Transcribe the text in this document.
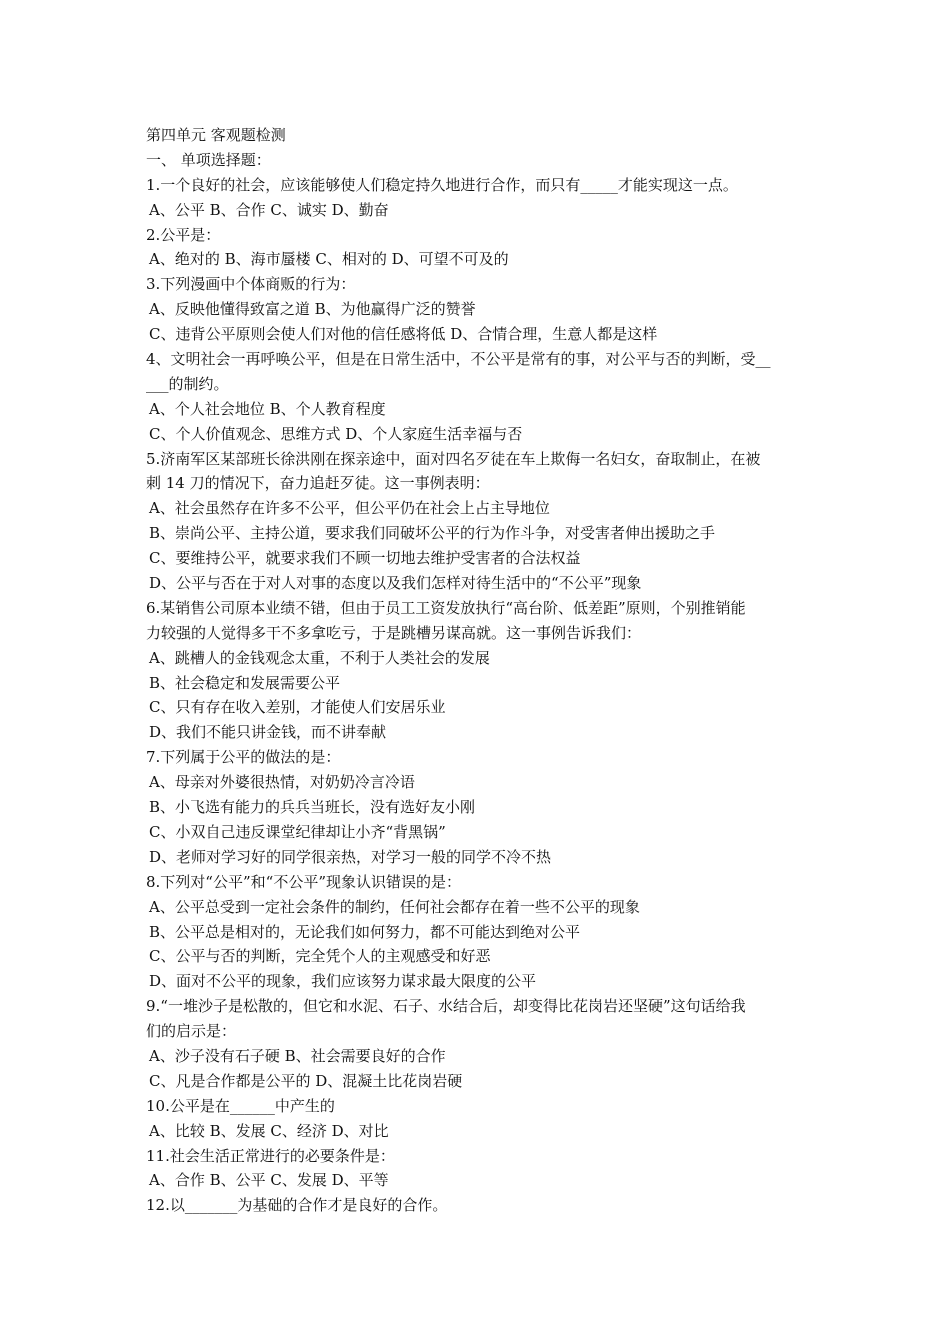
第四单元 客观题检测
一、 单项选择题：
1.一个良好的社会，应该能够使人们稳定持久地进行合作，而只有_____才能实现这一点。
A、公平 B、合作 C、诚实 D、勤奋
2.公平是：
A、绝对的 B、海市蜃楼 C、相对的 D、可望不可及的
3.下列漫画中个体商贩的行为：
A、反映他懂得致富之道 B、为他赢得广泛的赞誉
C、违背公平原则会使人们对他的信任感将低 D、合情合理，生意人都是这样
4、文明社会一再呼唤公平，但是在日常生活中，不公平是常有的事，对公平与否的判断，受__
___的制约。
A、个人社会地位 B、个人教育程度
C、个人价值观念、思维方式 D、个人家庭生活幸福与否
5.济南军区某部班长徐洪刚在探亲途中，面对四名歹徒在车上欺侮一名妇女，奋取制止，在被
刺 14 刀的情况下，奋力追赶歹徒。这一事例表明：
A、社会虽然存在许多不公平，但公平仍在社会上占主导地位
B、崇尚公平、主持公道，要求我们同破坏公平的行为作斗争，对受害者伸出援助之手
C、要维持公平，就要求我们不顾一切地去维护受害者的合法权益
D、公平与否在于对人对事的态度以及我们怎样对待生活中的“不公平”现象
6.某销售公司原本业绩不错，但由于员工工资发放执行“高台阶、低差距”原则，个别推销能
力较强的人觉得多干不多拿吃亏，于是跳槽另谋高就。这一事例告诉我们：
A、跳槽人的金钱观念太重，不利于人类社会的发展
B、社会稳定和发展需要公平
C、只有存在收入差别，才能使人们安居乐业
D、我们不能只讲金钱，而不讲奉献
7.下列属于公平的做法的是：
A、母亲对外婆很热情，对奶奶冷言冷语
B、小飞选有能力的兵兵当班长，没有选好友小刚
C、小双自己违反课堂纪律却让小齐“背黑锅”
D、老师对学习好的同学很亲热，对学习一般的同学不冷不热
8.下列对“公平”和“不公平”现象认识错误的是：
A、公平总受到一定社会条件的制约，任何社会都存在着一些不公平的现象
B、公平总是相对的，无论我们如何努力，都不可能达到绝对公平
C、公平与否的判断，完全凭个人的主观感受和好恶
D、面对不公平的现象，我们应该努力谋求最大限度的公平
9.“一堆沙子是松散的，但它和水泥、石子、水结合后，却变得比花岗岩还坚硬”这句话给我
们的启示是：
A、沙子没有石子硬 B、社会需要良好的合作
C、凡是合作都是公平的 D、混凝土比花岗岩硬
10.公平是在______中产生的
A、比较 B、发展 C、经济 D、对比
11.社会生活正常进行的必要条件是：
A、合作 B、公平 C、发展 D、平等
12.以_______为基础的合作才是良好的合作。
